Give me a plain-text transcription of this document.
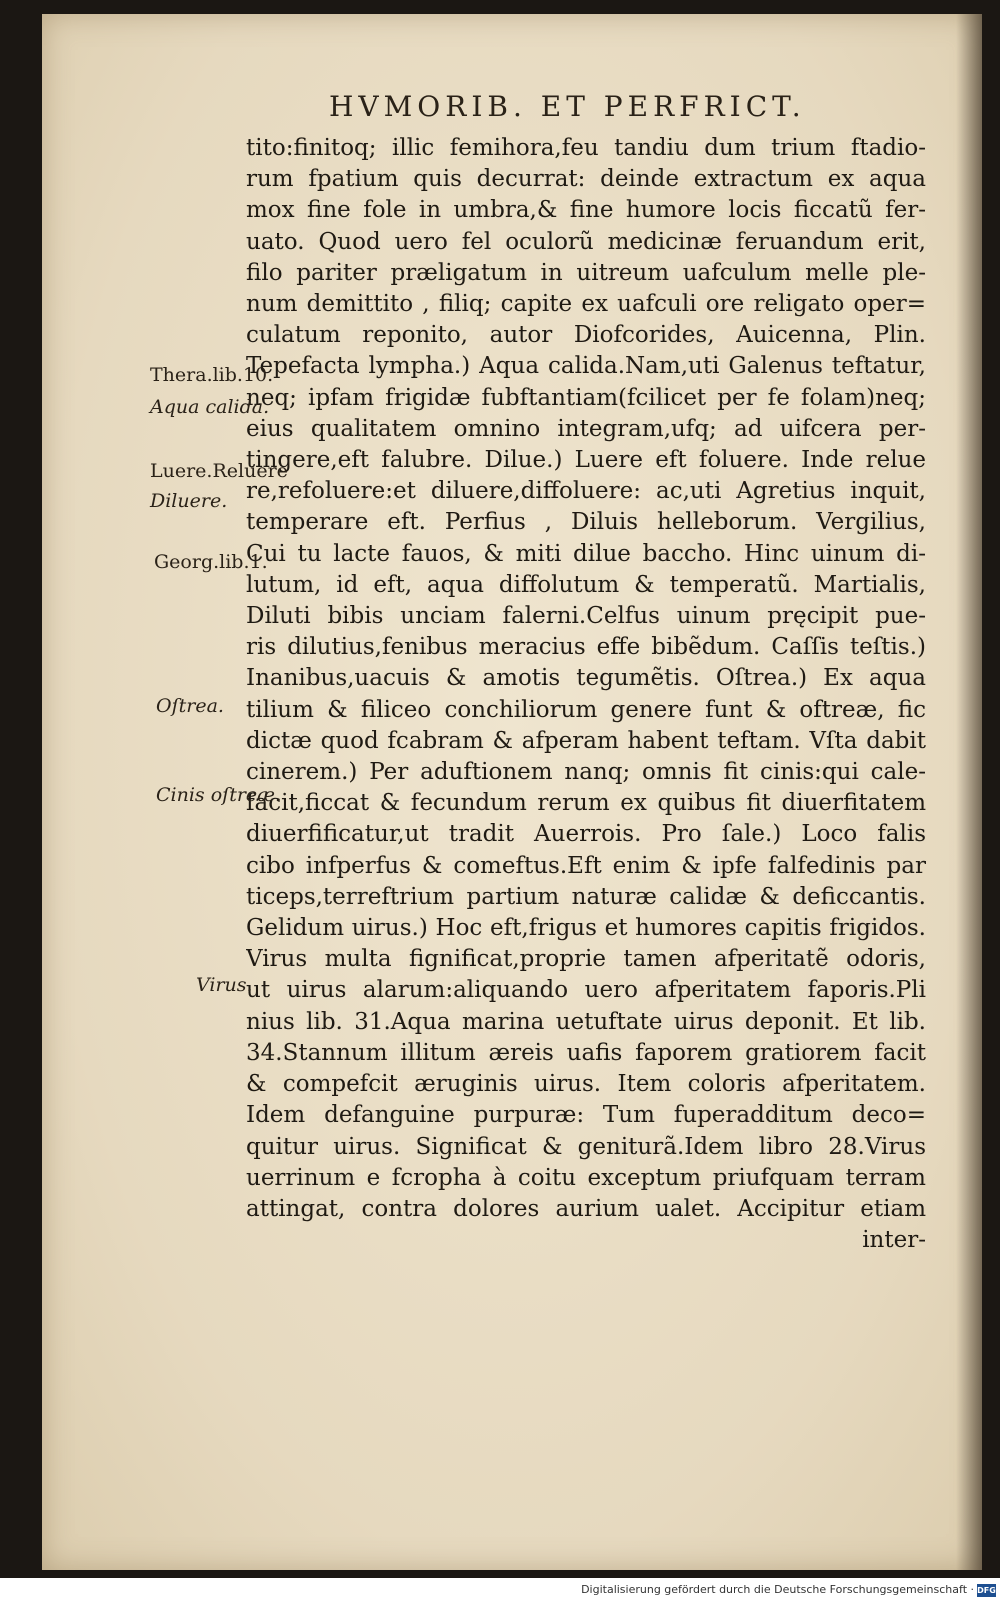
HVMORIB. ET PERFRICT.
tito:finitoq; illic femihora,feu tandiu dum trium ftadio-
rum fpatium quis decurrat: deinde extractum ex aqua
mox fine fole in umbra,& fine humore locis ficcatũ fer-
uato. Quod uero fel oculorũ medicinæ feruandum erit,
filo pariter præligatum in uitreum uafculum melle ple-
num demittito , filiq; capite ex uafculi ore religato oper=
culatum reponito, autor Diofcorides, Auicenna, Plin.
Tepefacta lympha.) Aqua calida.Nam,uti Galenus teftatur,
neq; ipfam frigidæ fubftantiam(fcilicet per fe folam)neq;
eius qualitatem omnino integram,ufq; ad uifcera per-
tingere,eft falubre. Dilue.) Luere eft foluere. Inde relue
re,refoluere:et diluere,diffoluere: ac,uti Agretius inquit,
temperare eft. Perfius , Diluis helleborum. Vergilius,
Cui tu lacte fauos, & miti dilue baccho. Hinc uinum di-
lutum, id eft, aqua diffolutum & temperatũ. Martialis,
Diluti bibis unciam falerni.Celfus uinum pręcipit pue-
ris dilutius,fenibus meracius effe bibẽdum. Caſſis teſtis.)
Inanibus,uacuis & amotis tegumẽtis. Oſtrea.) Ex aqua
tilium & filiceo conchiliorum genere funt & oftreæ, fic
dictæ quod fcabram & afperam habent teftam. Vſta dabit
cinerem.) Per aduftionem nanq; omnis fit cinis:qui cale-
facit,ficcat & fecundum rerum ex quibus fit diuerfitatem
diuerfificatur,ut tradit Auerrois. Pro ſale.) Loco falis
cibo infperfus & comeftus.Eft enim & ipfe falfedinis par
ticeps,terreftrium partium naturæ calidæ & deficcantis.
Gelidum uirus.) Hoc eft,frigus et humores capitis frigidos.
Virus multa fignificat,proprie tamen afperitatẽ odoris,
ut uirus alarum:aliquando uero afperitatem faporis.Pli
nius lib. 31.Aqua marina uetuftate uirus deponit. Et lib.
34.Stannum illitum æreis uafis faporem gratiorem facit
& compefcit æruginis uirus. Item coloris afperitatem.
Idem defanguine purpuræ: Tum fuperadditum deco=
quitur uirus. Significat & geniturã.Idem libro 28.Virus
uerrinum e fcropha à coitu exceptum priufquam terram
attingat, contra dolores aurium ualet. Accipitur etiam
inter-
Thera.lib.10.
Aqua calida.
Luere.Reluere
Diluere.
Georg.lib.1.
Oſtrea.
Cinis oſtreæ.
Virus.
Digitalisierung gefördert durch die Deutsche Forschungsgemeinschaft · DFG
